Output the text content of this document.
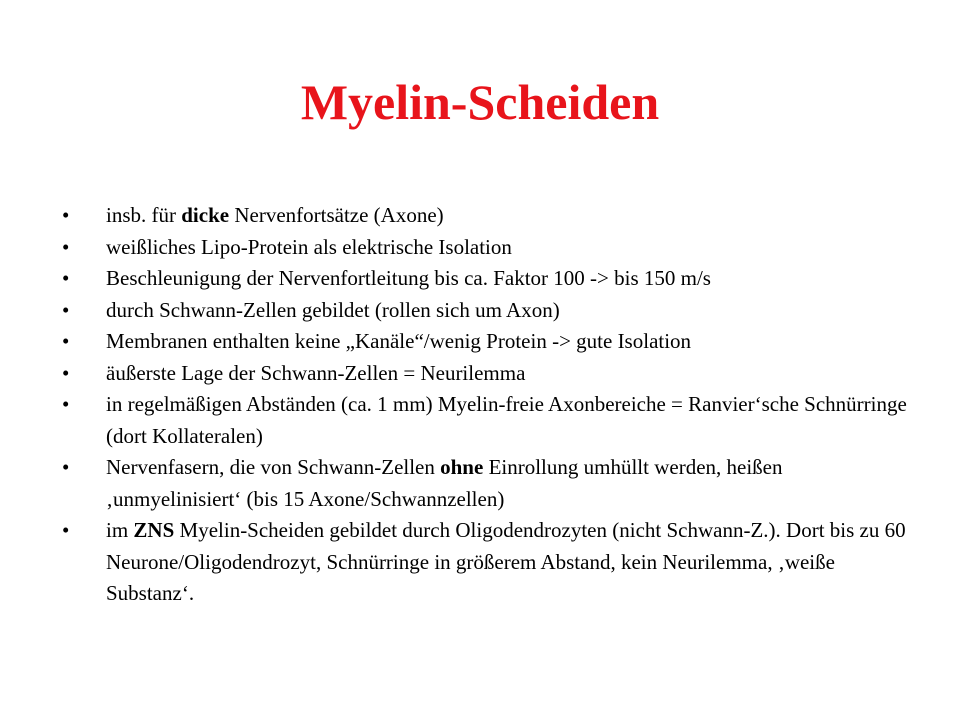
Myelin-Scheiden
•	insb. für dicke Nervenfortsätze (Axone)
•	weißliches Lipo-Protein als elektrische Isolation
•	Beschleunigung der Nervenfortleitung bis ca. Faktor 100 -> bis 150 m/s
•	durch Schwann-Zellen gebildet (rollen sich um Axon)
•	Membranen enthalten keine „Kanäle“/wenig Protein -> gute Isolation
•	äußerste Lage der Schwann-Zellen = Neurilemma
•	in regelmäßigen Abständen (ca. 1 mm) Myelin-freie Axonbereiche = Ranvier‘sche Schnürringe (dort Kollateralen)
•	Nervenfasern, die von Schwann-Zellen ohne Einrollung umhüllt werden, heißen ‚unmyelinisiert‘ (bis 15 Axone/Schwannzellen)
•	im ZNS Myelin-Scheiden gebildet durch Oligodendrozyten (nicht Schwann-Z.). Dort bis zu 60 Neurone/Oligodendrozyt, Schnürringe in größerem Abstand, kein Neurilemma, ‚weiße Substanz‘.
